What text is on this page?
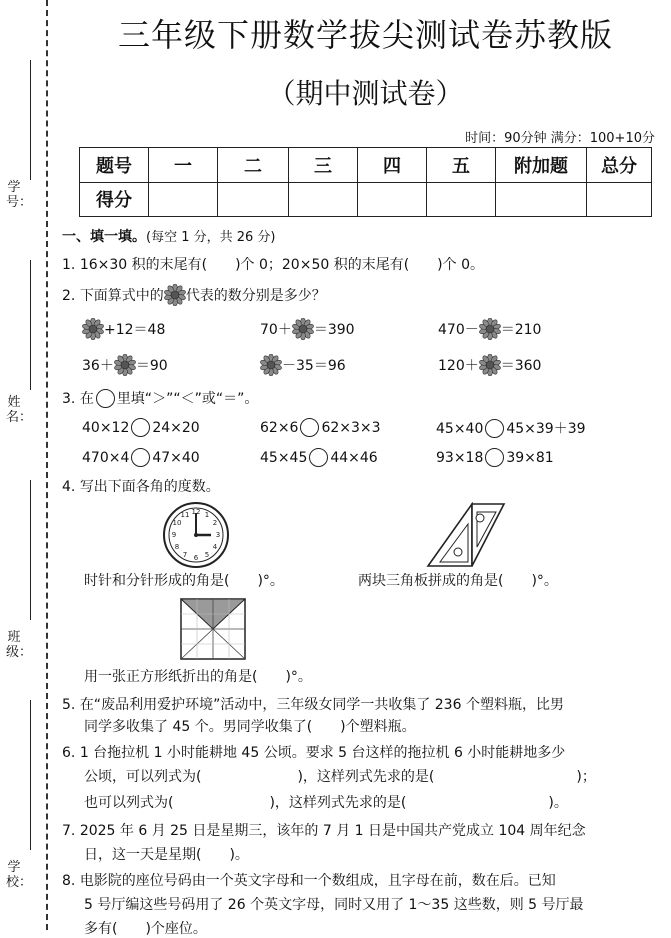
学号：
姓名：
班级：
学校：
三年级下册数学拔尖测试卷苏教版
（期中测试卷）
时间：90分钟 满分：100+10分
题号	一	二	三	四	五	附加题	总分
得分							
一、填一填。(每空 1 分，共 26 分)
1. 16×30 积的末尾有(　　)个 0；20×50 积的末尾有(　　)个 0。
2. 下面算式中的 代表的数分别是多少？
+12＝48	70＋ ＝390	470－ ＝210
36＋ ＝90	－35＝96	120＋ ＝360
3. 在 里填“＞”“＜”或“＝”。
40×12 24×20	62×6 62×3×3	45×40 45×39＋39
470×4 47×40	45×45 44×46	93×18 39×81
4. 写出下面各角的度数。
12 1
2
3
4
5
6
7
8
9
10
11
时针和分针形成的角是(　　)°。	两块三角板拼成的角是(　　)°。
用一张正方形纸折出的角是(　　)°。
5. 在“废品利用爱护环境”活动中，三年级女同学一共收集了 236 个塑料瓶，比男
同学多收集了 45 个。男同学收集了(　　)个塑料瓶。
6. 1 台拖拉机 1 小时能耕地 45 公顷。要求 5 台这样的拖拉机 6 小时能耕地多少
公顷，可以列式为(	)，这样列式先求的是(	)；
也可以列式为(	)，这样列式先求的是(	)。
7. 2025 年 6 月 25 日是星期三，该年的 7 月 1 日是中国共产党成立 104 周年纪念
日，这一天是星期(　　)。
8. 电影院的座位号码由一个英文字母和一个数组成，且字母在前，数在后。已知
5 号厅编这些号码用了 26 个英文字母，同时又用了 1～35 这些数，则 5 号厅最
多有(　　)个座位。
